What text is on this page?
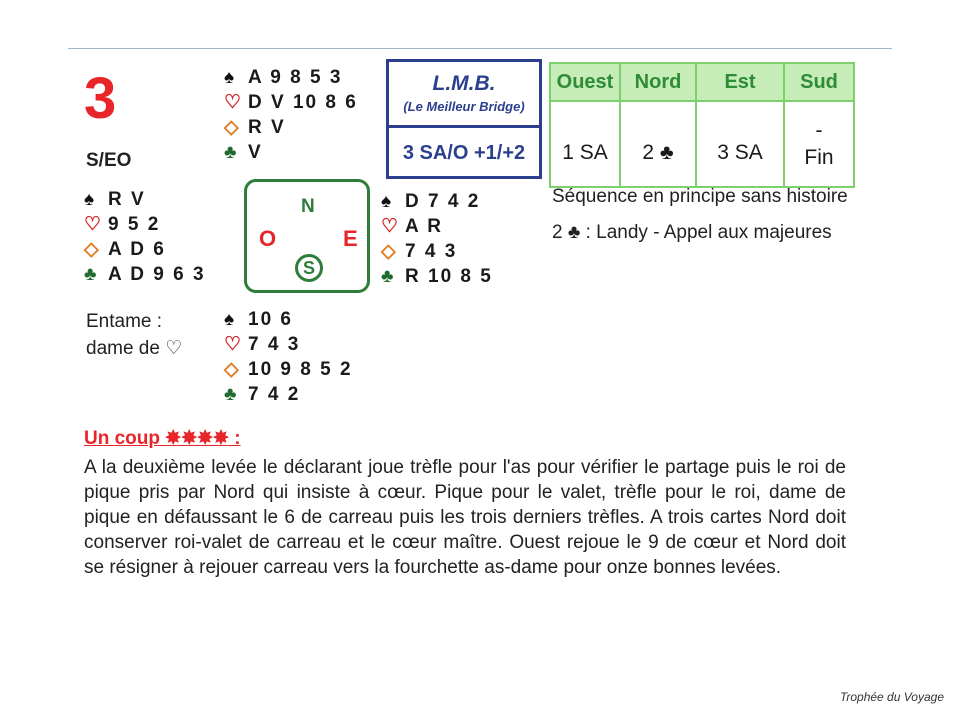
3
S/EO
♠ A 9 8 5 3
♡ D V 10 8 6
◇ R V
♣ V
♠ R V
♡ 9 5 2
◇ A D 6
♣ A D 9 6 3
N
O	E
S
♠ D 7 4 2
♡ A R
◇ 7 4 3
♣ R 10 8 5
♠ 10 6
♡ 7 4 3
◇ 10 9 8 5 2
♣ 7 4 2
Entame :
dame de ♡
L.M.B.
(Le Meilleur Bridge)
3 SA/O +1/+2
Ouest	Nord	Est	Sud
1 SA	2 ♣	3 SA	-
Fin
Séquence en principe sans histoire
2 ♣ : Landy - Appel aux majeures
Un coup ✸✸✸✸ :
A la deuxième levée le déclarant joue trèfle pour l'as pour vérifier le partage puis le roi de pique pris par Nord qui insiste à cœur. Pique pour le valet, trèfle pour le roi, dame de pique en défaussant le 6 de carreau puis les trois derniers trèfles. A trois cartes Nord doit conserver roi-valet de carreau et le cœur maître. Ouest rejoue le 9 de cœur et Nord doit se résigner à rejouer carreau vers la fourchette as-dame pour onze bonnes levées.
Trophée du Voyage
